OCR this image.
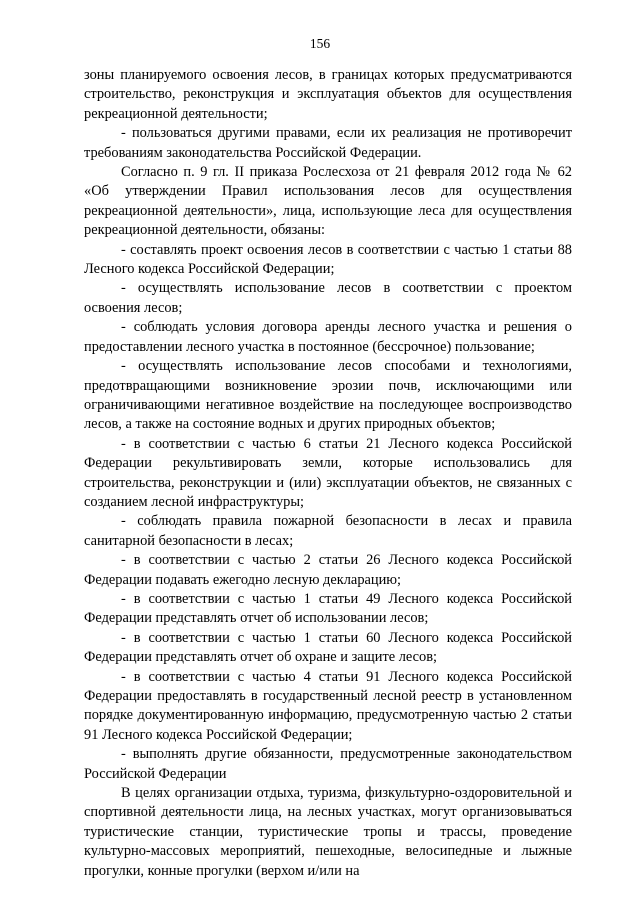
156

зоны планируемого освоения лесов, в границах которых предусматриваются строительство, реконструкция и эксплуатация объектов для осуществления рекреационной деятельности;

- пользоваться другими правами, если их реализация не противоречит требованиям законодательства Российской Федерации.

Согласно п. 9 гл. II приказа Рослесхоза от 21 февраля 2012 года № 62 «Об утверждении Правил использования лесов для осуществления рекреационной деятельности», лица, использующие леса для осуществления рекреационной деятельности, обязаны:

- составлять проект освоения лесов в соответствии с частью 1 статьи 88 Лесного кодекса Российской Федерации;

- осуществлять использование лесов в соответствии с проектом освоения лесов;

- соблюдать условия договора аренды лесного участка и решения о предоставлении лесного участка в постоянное (бессрочное) пользование;

- осуществлять использование лесов способами и технологиями, предотвращающими возникновение эрозии почв, исключающими или ограничивающими негативное воздействие на последующее воспроизводство лесов, а также на состояние водных и других природных объектов;

- в соответствии с частью 6 статьи 21 Лесного кодекса Российской Федерации рекультивировать земли, которые использовались для строительства, реконструкции и (или) эксплуатации объектов, не связанных с созданием лесной инфраструктуры;

- соблюдать правила пожарной безопасности в лесах и правила санитарной безопасности в лесах;

- в соответствии с частью 2 статьи 26 Лесного кодекса Российской Федерации подавать ежегодно лесную декларацию;

- в соответствии с частью 1 статьи 49 Лесного кодекса Российской Федерации представлять отчет об использовании лесов;

- в соответствии с частью 1 статьи 60 Лесного кодекса Российской Федерации представлять отчет об охране и защите лесов;

- в соответствии с частью 4 статьи 91 Лесного кодекса Российской Федерации предоставлять в государственный лесной реестр в установленном порядке документированную информацию, предусмотренную частью 2 статьи 91 Лесного кодекса Российской Федерации;

- выполнять другие обязанности, предусмотренные законодательством Российской Федерации

В целях организации отдыха, туризма, физкультурно-оздоровительной и спортивной деятельности лица, на лесных участках, могут организовываться туристические станции, туристические тропы и трассы, проведение культурно-массовых мероприятий, пешеходные, велосипедные и лыжные прогулки, конные прогулки (верхом и/или на
